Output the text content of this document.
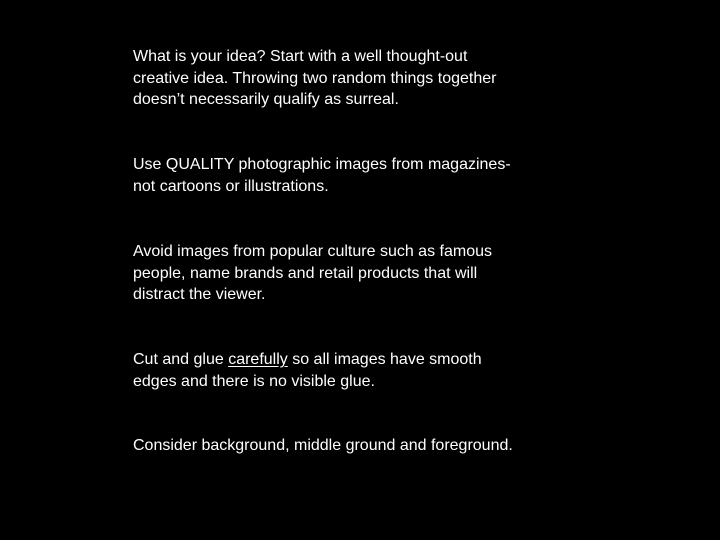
What is your idea? Start with a well thought-out
creative idea. Throwing two random things together
doesn’t necessarily qualify as surreal.

Use QUALITY photographic images from magazines-
not cartoons or illustrations.

Avoid images from popular culture such as famous
people, name brands and retail products that will
distract the viewer.

Cut and glue carefully so all images have smooth
edges and there is no visible glue.

Consider background, middle ground and foreground.
